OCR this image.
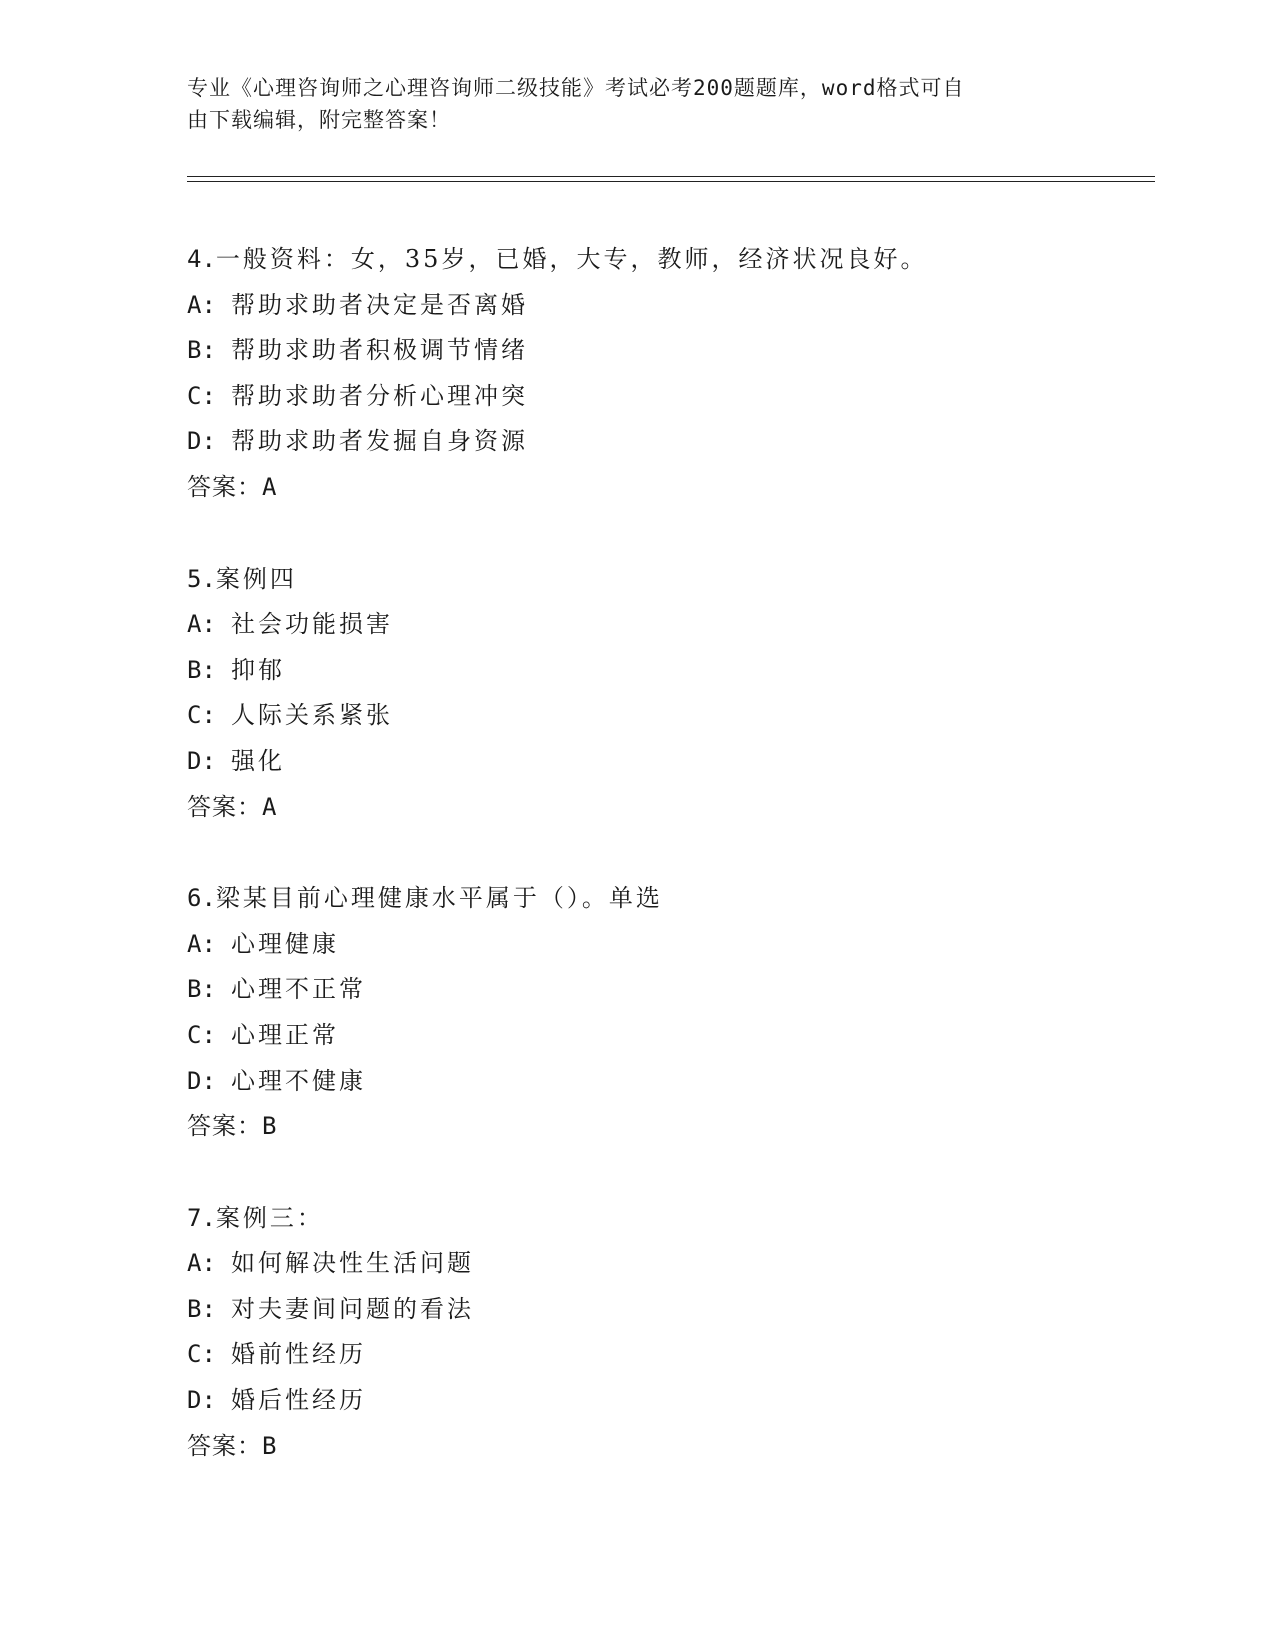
专业《心理咨询师之心理咨询师二级技能》考试必考200题题库，word格式可自
由下载编辑，附完整答案！
4.一般资料：女，35岁，已婚，大专，教师，经济状况良好。
A: 帮助求助者决定是否离婚
B: 帮助求助者积极调节情绪
C: 帮助求助者分析心理冲突
D: 帮助求助者发掘自身资源
答案：A
5.案例四
A: 社会功能损害
B: 抑郁
C: 人际关系紧张
D: 强化
答案：A
6.梁某目前心理健康水平属于（）。单选
A: 心理健康
B: 心理不正常
C: 心理正常
D: 心理不健康
答案：B
7.案例三：
A: 如何解决性生活问题
B: 对夫妻间问题的看法
C: 婚前性经历
D: 婚后性经历
答案：B
